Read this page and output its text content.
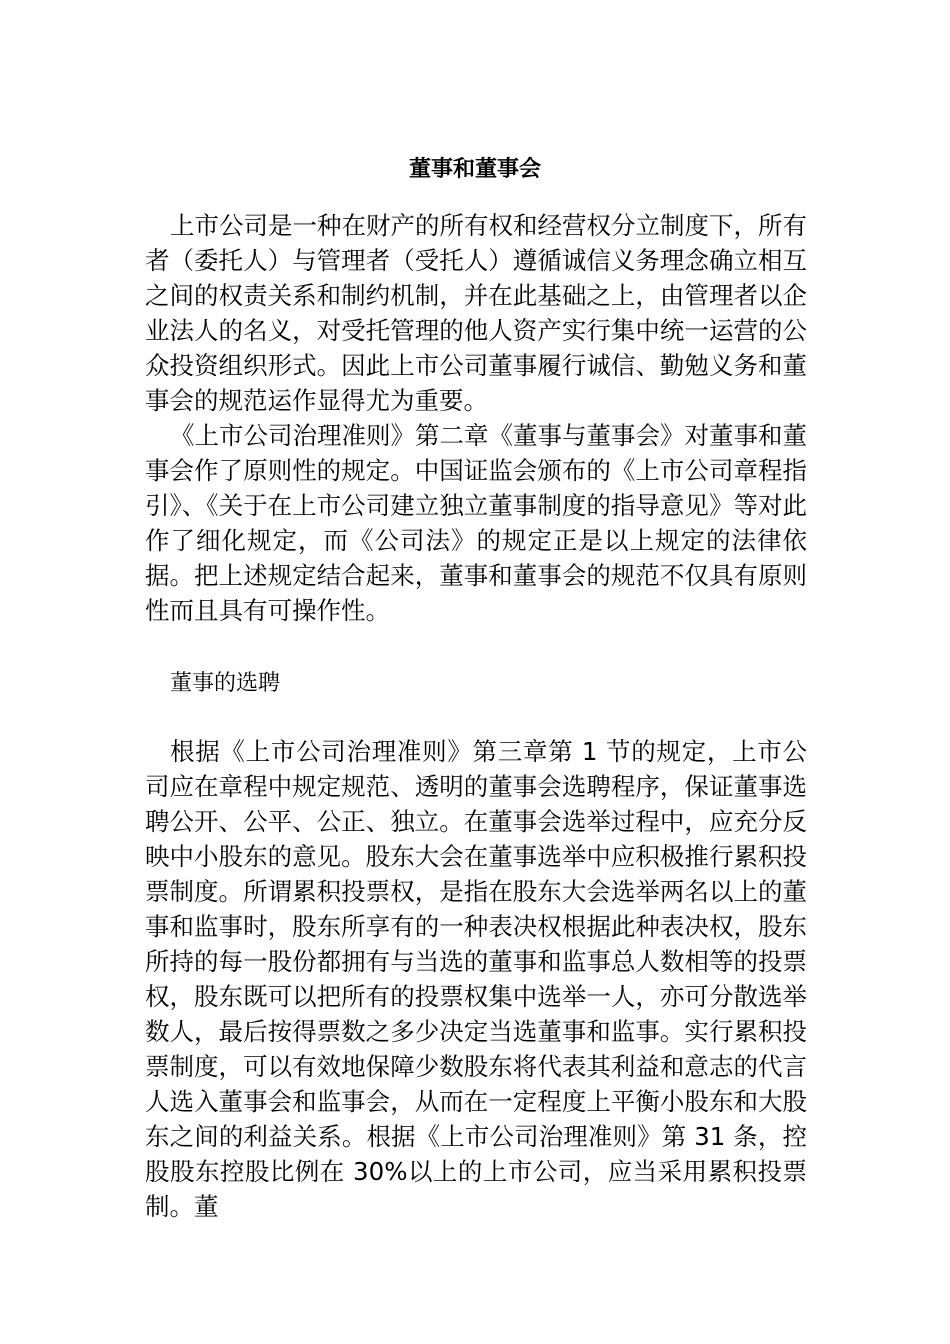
董事和董事会

上市公司是一种在财产的所有权和经营权分立制度下，所有者（委托人）与管理者（受托人）遵循诚信义务理念确立相互之间的权责关系和制约机制，并在此基础之上，由管理者以企业法人的名义，对受托管理的他人资产实行集中统一运营的公众投资组织形式。因此上市公司董事履行诚信、勤勉义务和董事会的规范运作显得尤为重要。

《上市公司治理准则》第二章《董事与董事会》对董事和董事会作了原则性的规定。中国证监会颁布的《上市公司章程指引》、《关于在上市公司建立独立董事制度的指导意见》等对此作了细化规定，而《公司法》的规定正是以上规定的法律依据。把上述规定结合起来，董事和董事会的规范不仅具有原则性而且具有可操作性。

董事的选聘

根据《上市公司治理准则》第三章第 1 节的规定，上市公司应在章程中规定规范、透明的董事会选聘程序，保证董事选聘公开、公平、公正、独立。在董事会选举过程中，应充分反映中小股东的意见。股东大会在董事选举中应积极推行累积投票制度。所谓累积投票权，是指在股东大会选举两名以上的董事和监事时，股东所享有的一种表决权根据此种表决权，股东所持的每一股份都拥有与当选的董事和监事总人数相等的投票权，股东既可以把所有的投票权集中选举一人，亦可分散选举数人，最后按得票数之多少决定当选董事和监事。实行累积投票制度，可以有效地保障少数股东将代表其利益和意志的代言人选入董事会和监事会，从而在一定程度上平衡小股东和大股东之间的利益关系。根据《上市公司治理准则》第 31 条，控股股东控股比例在 30%以上的上市公司，应当采用累积投票制。董
